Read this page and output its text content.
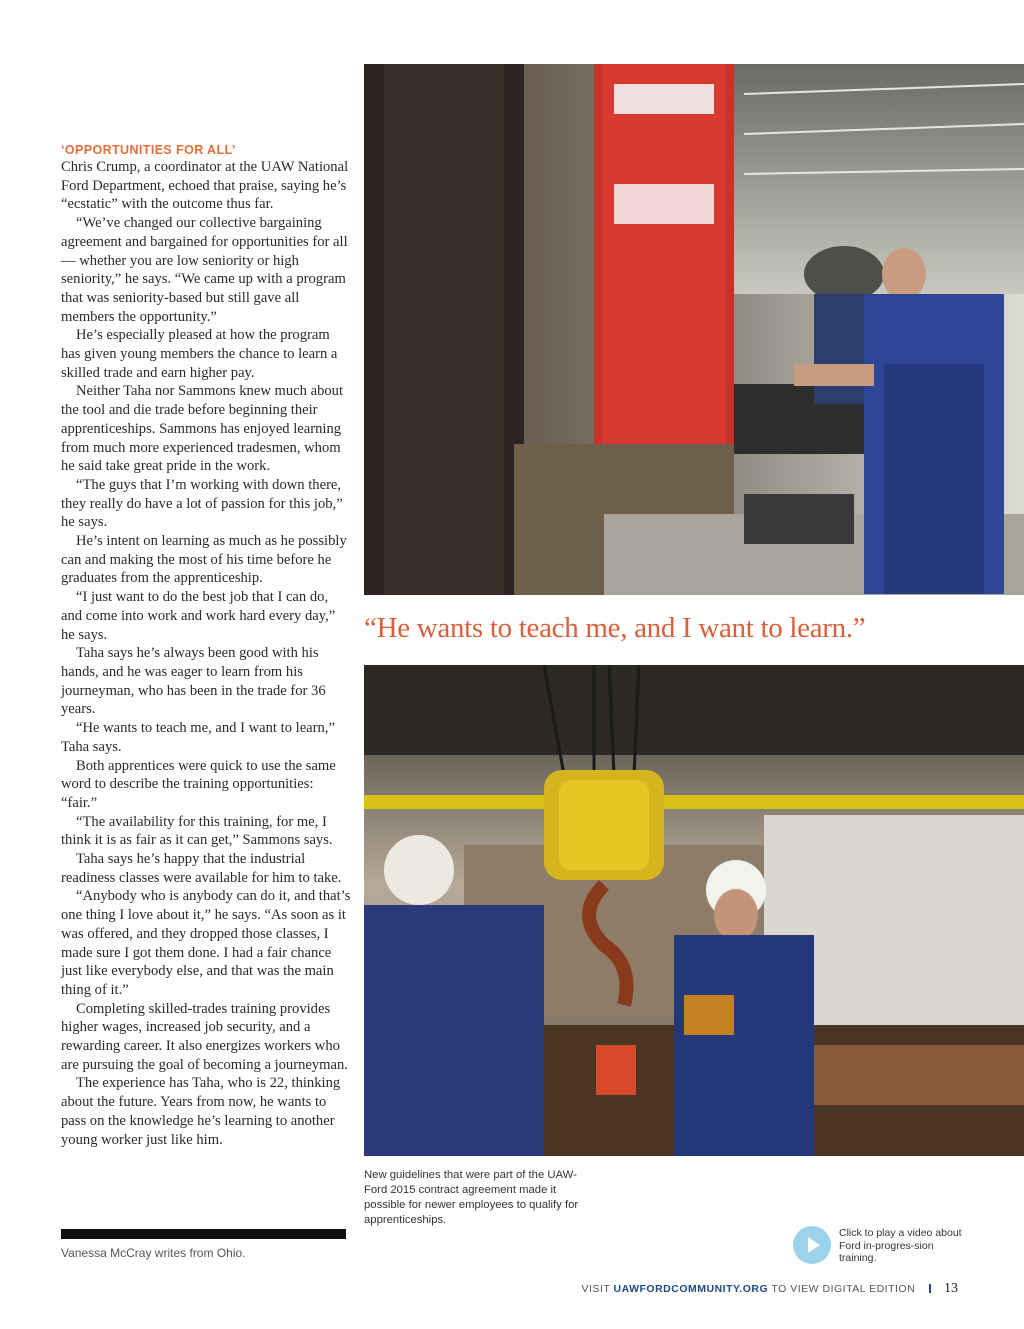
‘OPPORTUNITIES FOR ALL’

Chris Crump, a coordinator at the UAW National Ford Department, echoed that praise, saying he’s “ecstatic” with the outcome thus far.

“We’ve changed our collective bargaining agreement and bargained for opportunities for all — whether you are low seniority or high seniority,” he says. “We came up with a program that was seniority-based but still gave all members the opportunity.”

He’s especially pleased at how the program has given young members the chance to learn a skilled trade and earn higher pay.

Neither Taha nor Sammons knew much about the tool and die trade before beginning their apprenticeships. Sammons has enjoyed learning from much more experienced tradesmen, whom he said take great pride in the work.

“The guys that I’m working with down there, they really do have a lot of passion for this job,” he says.

He’s intent on learning as much as he possibly can and making the most of his time before he graduates from the apprenticeship.

“I just want to do the best job that I can do, and come into work and work hard every day,” he says.

Taha says he’s always been good with his hands, and he was eager to learn from his journeyman, who has been in the trade for 36 years.

“He wants to teach me, and I want to learn,” Taha says.

Both apprentices were quick to use the same word to describe the training opportunities: “fair.”

“The availability for this training, for me, I think it is as fair as it can get,” Sammons says.

Taha says he’s happy that the industrial readiness classes were available for him to take.

“Anybody who is anybody can do it, and that’s one thing I love about it,” he says. “As soon as it was offered, and they dropped those classes, I made sure I got them done. I had a fair chance just like everybody else, and that was the main thing of it.”

Completing skilled-trades training provides higher wages, increased job security, and a rewarding career. It also energizes workers who are pursuing the goal of becoming a journeyman.

The experience has Taha, who is 22, thinking about the future. Years from now, he wants to pass on the knowledge he’s learning to another young worker just like him.

Vanessa McCray writes from Ohio.
“He wants to teach me, and I want to learn.”
New guidelines that were part of the UAW-Ford 2015 contract agreement made it possible for newer employees to qualify for apprenticeships.
Click to play a video about Ford in-progres-sion training.
VISIT UAWFORDCOMMUNITY.ORG TO VIEW DIGITAL EDITION 13
